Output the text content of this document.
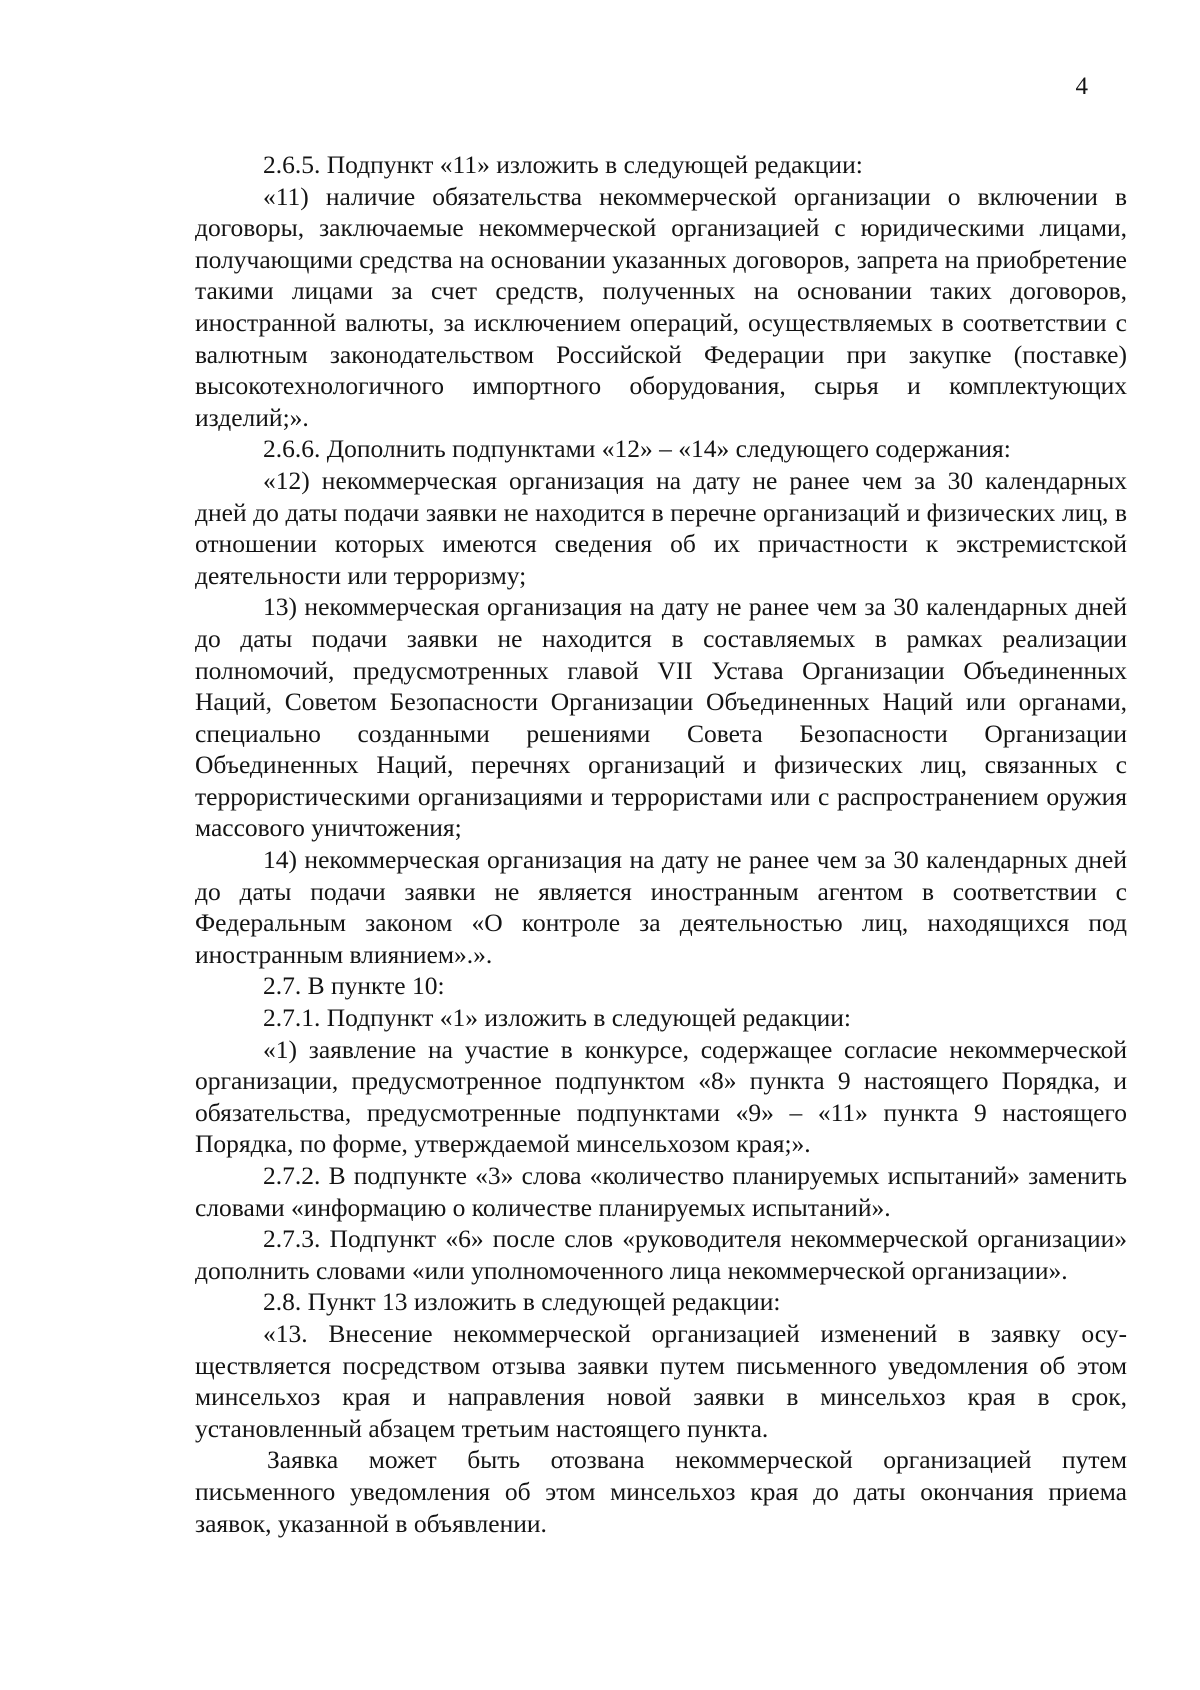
4

2.6.5. Подпункт «11» изложить в следующей редакции:

«11) наличие обязательства некоммерческой организации о включении в договоры, заключаемые некоммерческой организацией с юридическими лицами, получающими средства на основании указанных договоров, запрета на приобретение такими лицами за счет средств, полученных на основании таких договоров, иностранной валюты, за исключением операций, осуществляемых в соответствии с валютным законодательством Российской Федерации при закупке (поставке) высокотехнологичного импортного оборудования, сырья и комплектующих изделий;».

2.6.6. Дополнить подпунктами «12» – «14» следующего содержания:

«12) некоммерческая организация на дату не ранее чем за 30 календарных дней до даты подачи заявки не находится в перечне организаций и физических лиц, в отношении которых имеются сведения об их причастности к экстремистской деятельности или терроризму;

13) некоммерческая организация на дату не ранее чем за 30 календарных дней до даты подачи заявки не находится в составляемых в рамках реализации полномочий, предусмотренных главой VII Устава Организации Объединенных Наций, Советом Безопасности Организации Объединенных Наций или органами, специально созданными решениями Совета Безопасности Организации Объединенных Наций, перечнях организаций и физических лиц, связанных с террористическими организациями и террористами или с распространением оружия массового уничтожения;

14) некоммерческая организация на дату не ранее чем за 30 календарных дней до даты подачи заявки не является иностранным агентом в соответствии с Федеральным законом «О контроле за деятельностью лиц, находящихся под иностранным влиянием».».

2.7. В пункте 10:

2.7.1. Подпункт «1» изложить в следующей редакции:

«1) заявление на участие в конкурсе, содержащее согласие некоммерческой организации, предусмотренное подпунктом «8» пункта 9 настоящего Порядка, и обязательства, предусмотренные подпунктами «9» – «11» пункта 9 настоящего Порядка, по форме, утверждаемой минсельхозом края;».

2.7.2. В подпункте «3» слова «количество планируемых испытаний» заменить словами «информацию о количестве планируемых испытаний».

2.7.3. Подпункт «6» после слов «руководителя некоммерческой организации» дополнить словами «или уполномоченного лица некоммерческой организации».

2.8. Пункт 13 изложить в следующей редакции:

«13. Внесение некоммерческой организацией изменений в заявку осуществляется посредством отзыва заявки путем письменного уведомления об этом минсельхоз края и направления новой заявки в минсельхоз края в срок, установленный абзацем третьим настоящего пункта.

Заявка может быть отозвана некоммерческой организацией путем письменного уведомления об этом минсельхоз края до даты окончания приема заявок, указанной в объявлении.
